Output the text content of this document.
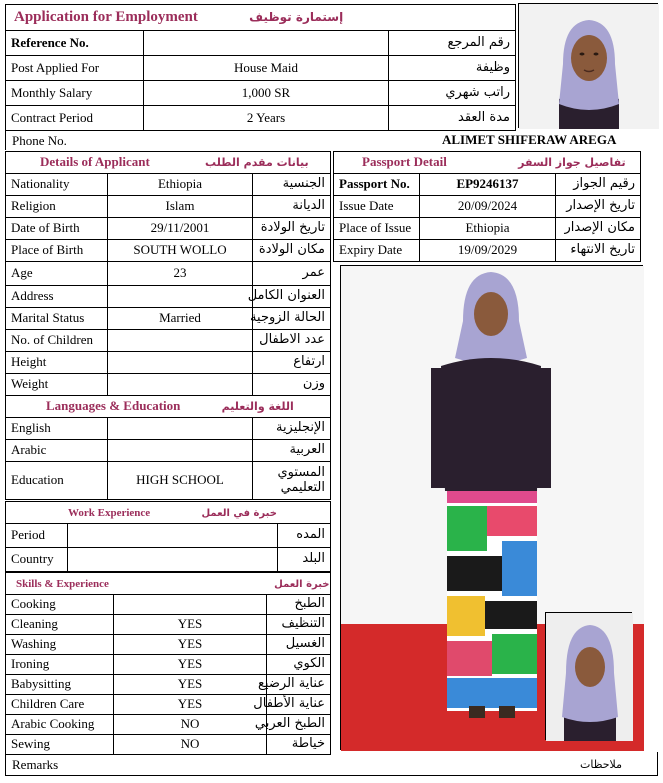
Application for Employment إستمارة توظيف		
Reference No.		رقم المرجع
Post Applied For	House Maid	وظيفة
Monthly Salary	1,000 SR	راتب شهري
Contract Period	2 Years	مدة العقد
Phone No.	ALIMET SHIFERAW AREGA
Details of Applicant بيانات مقدم الطلب		
Nationality	Ethiopia	الجنسية
Religion	Islam	الديانة
Date of Birth	29/11/2001	تاريخ الولادة
Place of Birth	SOUTH WOLLO	مكان الولادة
Age	23	عمر
Address		العنوان الكامل
Marital Status	Married	الحالة الزوجية
No. of Children		عدد الاطفال
Height		ارتفاع
Weight		وزن
Languages & Education اللغة والتعليم		
English		الإنجليزية
Arabic		العربية
Education	HIGH SCHOOL	المستوي التعليمي
Work Experience خبرة في العمل		
Period		المده
Country		البلد
Skills & Experience خبرة العمل		
Cooking		الطبخ
Cleaning	YES	التنظيف
Washing	YES	الغسيل
Ironing	YES	الكوي
Babysitting	YES	عناية الرضيع
Children Care	YES	عناية الأطفال
Arabic Cooking	NO	الطبخ العربي
Sewing	NO	خياطة
Passport Detail تفاصيل جواز السفر		
Passport No.	EP9246137	رقيم الجواز
Issue Date	20/09/2024	تاريخ الإصدار
Place of Issue	Ethiopia	مكان الإصدار
Expiry Date	19/09/2029	تاريخ الانتهاء
Remarks	ملاحظات
